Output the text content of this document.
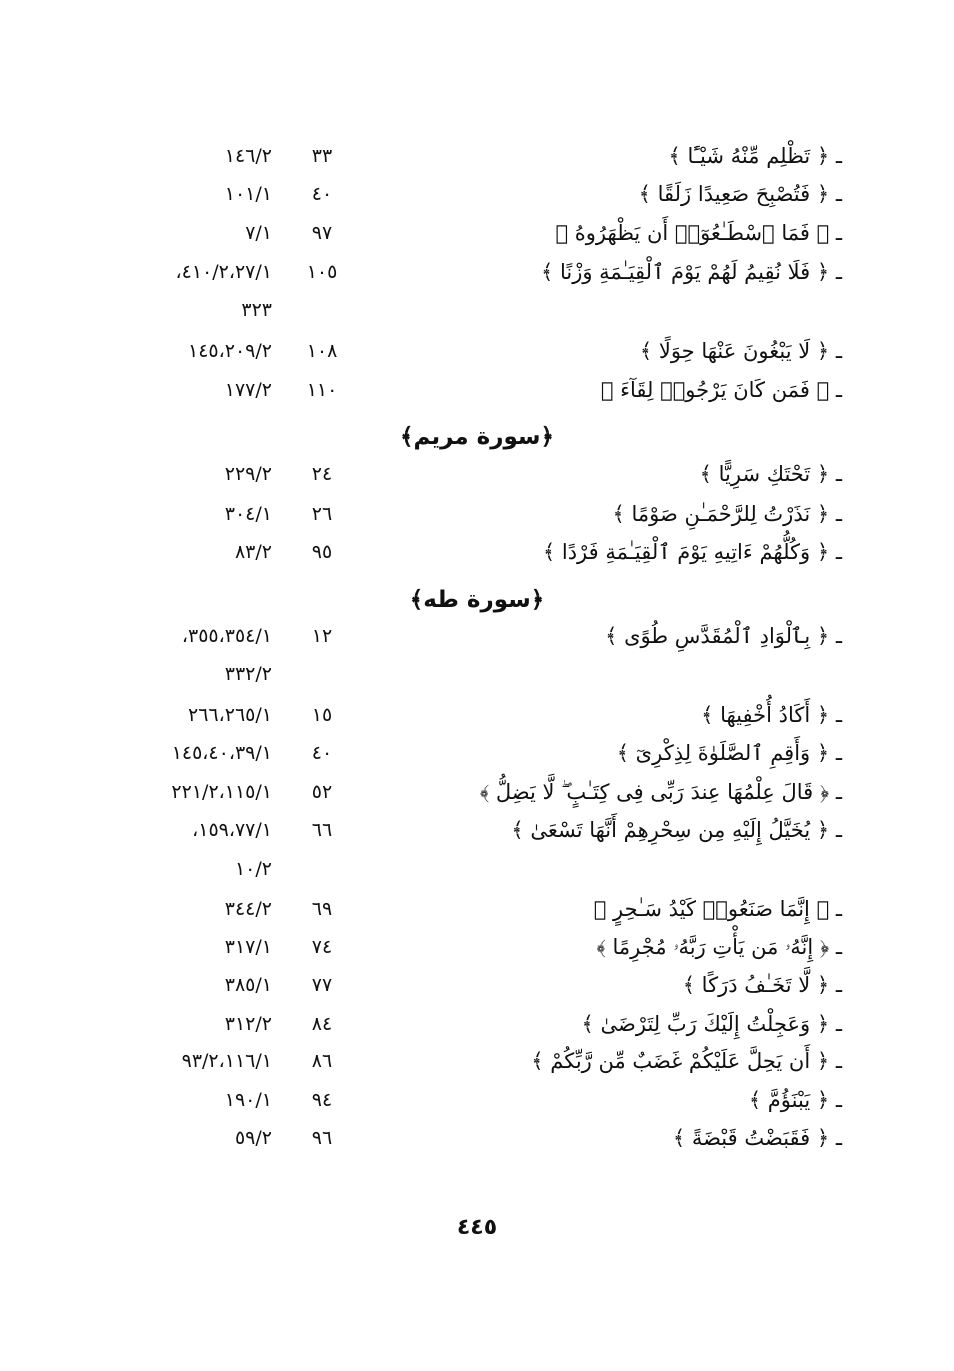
ـ ﴿ تَظْلِم مِّنْهُ شَيْـًٔا ﴾
٣٣
١٤٦/٢
ـ ﴿ فَتُصْبِحَ صَعِيدًا زَلَقًا ﴾
٤٠
١٠١/١
ـ ﴿ فَمَا ٱسْطَـٰعُوٓا۟ أَن يَظْهَرُوهُ ﴾
٩٧
٧/١
ـ ﴿ فَلَا نُقِيمُ لَهُمْ يَوْمَ ٱلْقِيَـٰمَةِ وَزْنًا ﴾
١٠٥
٤١٠/٢،٢٧/١،
٣٢٣
ـ ﴿ لَا يَبْغُونَ عَنْهَا حِوَلًا ﴾
١٠٨
١٤٥،٢٠٩/٢
ـ ﴿ فَمَن كَانَ يَرْجُوا۟ لِقَآءَ ﴾
١١٠
١٧٧/٢
﴿سورة مريم﴾
ـ ﴿ تَحْتَكِ سَرِيًّا ﴾
٢٤
٢٢٩/٢
ـ ﴿ نَذَرْتُ لِلرَّحْمَـٰنِ صَوْمًا ﴾
٢٦
٣٠٤/١
ـ ﴿ وَكُلُّهُمْ ءَاتِيهِ يَوْمَ ٱلْقِيَـٰمَةِ فَرْدًا ﴾
٩٥
٨٣/٢
﴿سورة طه﴾
ـ ﴿ بِٱلْوَادِ ٱلْمُقَدَّسِ طُوًى ﴾
١٢
٣٥٥،٣٥٤/١،
٣٣٢/٢
ـ ﴿ أَكَادُ أُخْفِيهَا ﴾
١٥
٢٦٦،٢٦٥/١
ـ ﴿ وَأَقِمِ ٱلصَّلَوٰةَ لِذِكْرِىٓ ﴾
٤٠
١٤٥،٤٠،٣٩/١
ـ ﴿ قَالَ عِلْمُهَا عِندَ رَبِّى فِى كِتَـٰبٍ ۖ لَّا يَضِلُّ ﴾
٥٢
٢٢١/٢،١١٥/١
ـ ﴿ يُخَيَّلُ إِلَيْهِ مِن سِحْرِهِمْ أَنَّهَا تَسْعَىٰ ﴾
٦٦
١٥٩،٧٧/١،
١٠/٢
ـ ﴿ إِنَّمَا صَنَعُوا۟ كَيْدُ سَـٰحِرٍ ﴾
٦٩
٣٤٤/٢
ـ ﴿ إِنَّهُۥ مَن يَأْتِ رَبَّهُۥ مُجْرِمًا ﴾
٧٤
٣١٧/١
ـ ﴿ لَّا تَخَـٰفُ دَرَكًا ﴾
٧٧
٣٨٥/١
ـ ﴿ وَعَجِلْتُ إِلَيْكَ رَبِّ لِتَرْضَىٰ ﴾
٨٤
٣١٢/٢
ـ ﴿ أَن يَحِلَّ عَلَيْكُمْ غَضَبٌ مِّن رَّبِّكُمْ ﴾
٨٦
٩٣/٢،١١٦/١
ـ ﴿ يَبْنَؤُمَّ ﴾
٩٤
١٩٠/١
ـ ﴿ فَقَبَضْتُ قَبْضَةً ﴾
٩٦
٥٩/٢
٤٤٥
